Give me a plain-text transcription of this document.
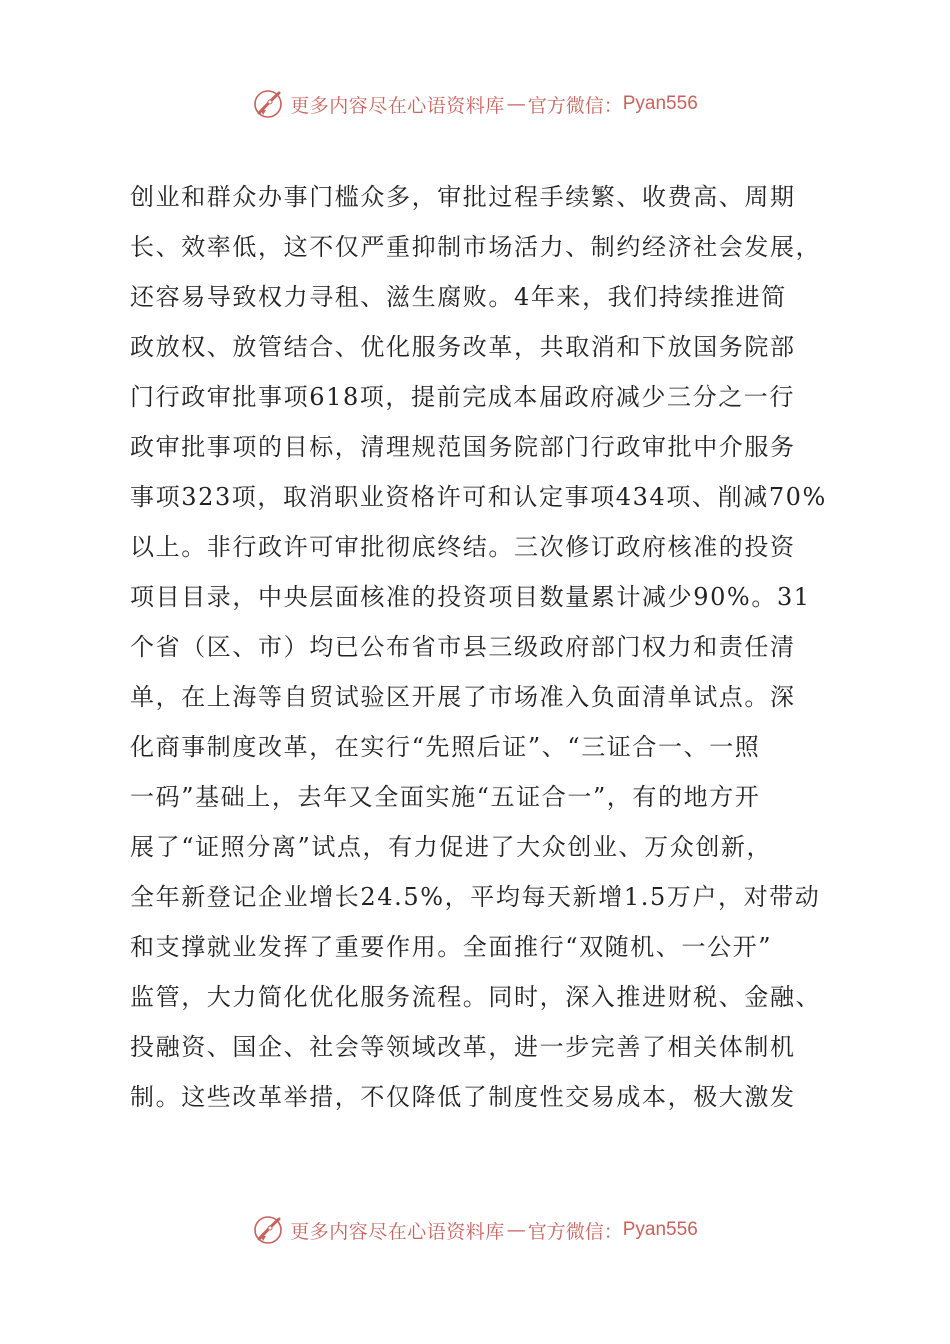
更多内容尽在心语资料库 — 官方微信： Pyan556
创业和群众办事门槛众多，审批过程手续繁、收费高、周期
长、效率低，这不仅严重抑制市场活力、制约经济社会发展，
还容易导致权力寻租、滋生腐败。4年来，我们持续推进简
政放权、放管结合、优化服务改革，共取消和下放国务院部
门行政审批事项618项，提前完成本届政府减少三分之一行
政审批事项的目标，清理规范国务院部门行政审批中介服务
事项323项，取消职业资格许可和认定事项434项、削减70%
以上。非行政许可审批彻底终结。三次修订政府核准的投资
项目目录，中央层面核准的投资项目数量累计减少90%。31
个省（区、市）均已公布省市县三级政府部门权力和责任清
单，在上海等自贸试验区开展了市场准入负面清单试点。深
化商事制度改革，在实行“先照后证”、“三证合一、一照
一码”基础上，去年又全面实施“五证合一”，有的地方开
展了“证照分离”试点，有力促进了大众创业、万众创新，
全年新登记企业增长24.5%，平均每天新增1.5万户，对带动
和支撑就业发挥了重要作用。全面推行“双随机、一公开”
监管，大力简化优化服务流程。同时，深入推进财税、金融、
投融资、国企、社会等领域改革，进一步完善了相关体制机
制。这些改革举措，不仅降低了制度性交易成本，极大激发
更多内容尽在心语资料库 — 官方微信： Pyan556
